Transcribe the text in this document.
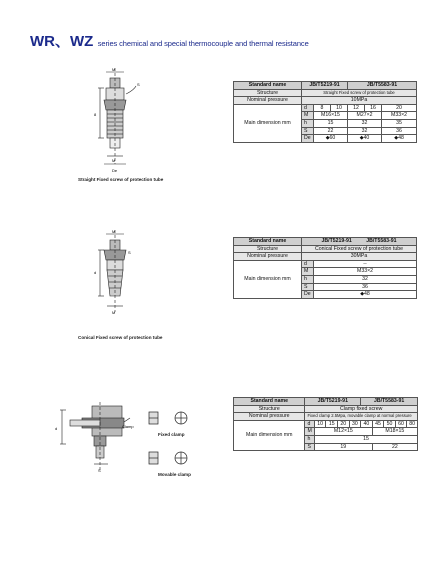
WR、WZ series chemical and special thermocouple and thermal resistance
M
S
8
M
De
Straight Fixed screw of protection tube
Standard name	JB/T5219-91			JB/T5583-91		
Structure	Straight Fixed screw of protection tube					
Nominal pressure	10MPa					
Main dimension mm	d	8	10	12	16	20
	M	M16×15		M27×2		M33×2
	h	15		32		35
	S	22		32		36
	De	◆60		◆40		◆48
M
S
d
M
Conical Fixed screw of protection tube
Standard name	JB/T5219-91 JB/T5583-91	
Structure	Conical Fixed screw of protection tube	
Nominal pressure	30MPa	
Main dimension mm	d	--
	M	M33×2
	h	32
	S	36
	De	◆48
Clamp
d
S
Fixed clamp
Movable clamp
Standard name	JB/T5219-91					JB/T5583-91				
Structure	Clamp fixed screw									
Nominal pressure	Fixed clamp 2.5Mpa, movable clamp at normal pressure									
Main dimension mm	d	10	15	20	30	40	45	50	60	80
	M	M12×15					M18×15			
	h	15								
	S	19					22			
